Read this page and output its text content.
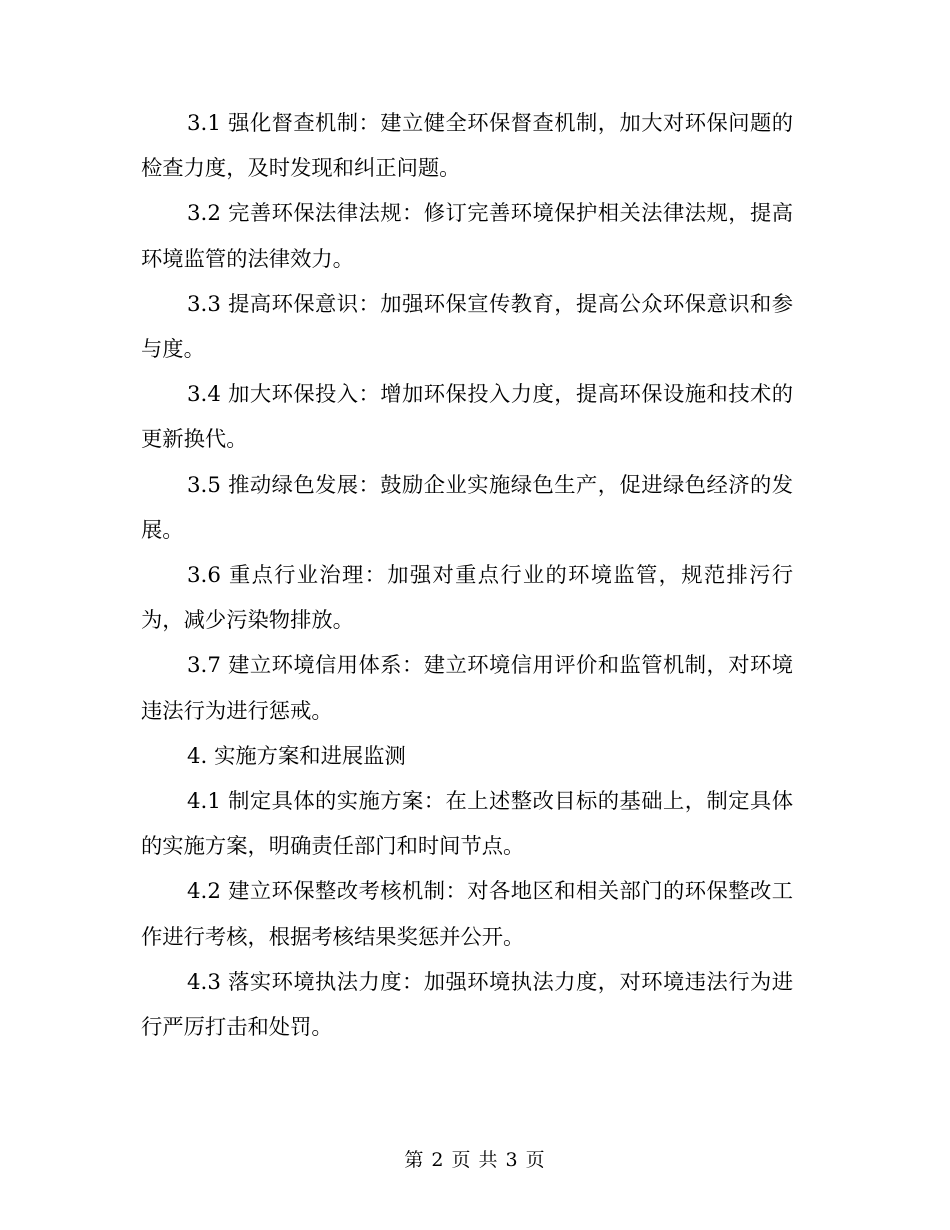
3.1 强化督查机制：建立健全环保督查机制，加大对环保问题的检查力度，及时发现和纠正问题。

3.2 完善环保法律法规：修订完善环境保护相关法律法规，提高环境监管的法律效力。

3.3 提高环保意识：加强环保宣传教育，提高公众环保意识和参与度。

3.4 加大环保投入：增加环保投入力度，提高环保设施和技术的更新换代。

3.5 推动绿色发展：鼓励企业实施绿色生产，促进绿色经济的发展。

3.6 重点行业治理：加强对重点行业的环境监管，规范排污行为，减少污染物排放。

3.7 建立环境信用体系：建立环境信用评价和监管机制，对环境违法行为进行惩戒。

4. 实施方案和进展监测

4.1 制定具体的实施方案：在上述整改目标的基础上，制定具体的实施方案，明确责任部门和时间节点。

4.2 建立环保整改考核机制：对各地区和相关部门的环保整改工作进行考核，根据考核结果奖惩并公开。

4.3 落实环境执法力度：加强环境执法力度，对环境违法行为进行严厉打击和处罚。

第 2 页 共 3 页
